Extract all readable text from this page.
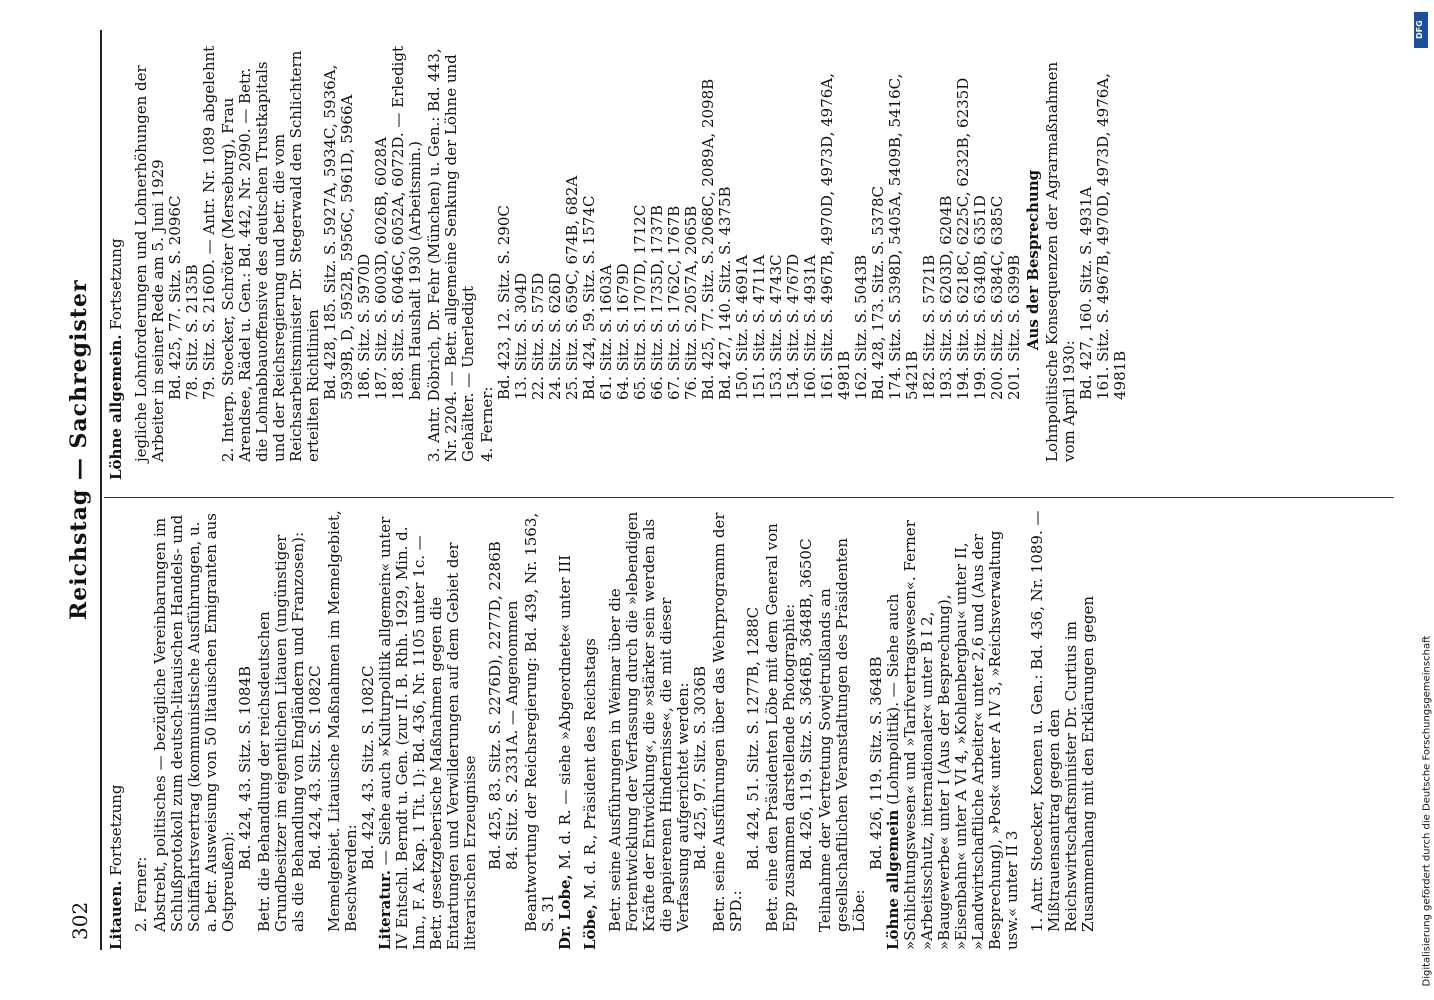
302
Reichstag — Sachregister
Litauen. Fortsetzung
2. Ferner: Abstrebt, politisches — bezügliche Vereinbarungen im Schlußprotokoll zum deutsch-litauischen Handels- und Schiffahrtsvertrag (kommunistische Ausführungen, u. a. betr. Ausweisung von 50 litauischen Emigranten aus Ostpreußen):
Bd. 424, 43. Sitz. S. 1084B Betr. die Behandlung der reichsdeutschen Grundbesitzer im eigentlichen Litauen (ungünstiger als die Behandlung von Engländern und Franzosen): Bd. 424, 43. Sitz. S. 1082C Memelgebiet. Litauische Maßnahmen im Memelgebiet, Beschwerden:
Bd. 424, 43. Sitz. S. 1082C
Literatur. — Siehe auch »Kulturpolitik allgemein« unter IV Entschl. Berndt u. Gen. (zur II. B. Rhh. 1929, Min. d. Inn., F. A. Kap. 1 Tit. 1): Bd. 436, Nr. 1105 unter 1c. — Betr. gesetzgeberische Maßnahmen gegen die Entartungen und Verwilderungen auf dem Gebiet der literarischen Erzeugnisse Bd. 425, 83. Sitz. S. 2276D), 2277D, 2286B 84. Sitz. S. 2331A. — Angenommen Beantwortung der Reichsregierung: Bd. 439, Nr. 1563, S. 31 Dr. Lobe, M. d. R. — siehe »Abgeordnete« unter III
Löbe, M. d. R., Präsident des Reichstags Betr. seine Ausführungen in Weimar über die Fortentwicklung der Verfassung durch die »lebendigen Kräfte der Entwicklung«, die »stärker sein werden als die papierenen Hindernisse«, die mit dieser Verfassung aufgerichtet werden: Bd. 425, 97. Sitz. S. 3036B Betr. seine Ausführungen über das Wehrprogramm der SPD.:
Bd. 424, 51. Sitz. S. 1277B, 1288C Betr. eine den Präsidenten Löbe mit dem General von Epp zusammen darstellende Photographie: Bd. 426, 119. Sitz. S. 3646B, 3648B, 3650C Teilnahme der Vertretung Sowjetrußlands an gesellschaftlichen Veranstaltungen des Präsidenten Löbe:
Bd. 426, 119. Sitz. S. 3648B
Löhne allgemein (Lohnpolitik). — Siehe auch »Schlichtungswesen« und »Tarifvertragswesen«. Ferner »Arbeitsschutz, internationaler« unter B I 2, »Baugewerbe« unter I (Aus der Besprechung), »Eisenbahn« unter A VI 4, »Kohlenbergbau« unter II, »Landwirtschaftliche Arbeiter« unter 2,6 und (Aus der Besprechung), »Post« unter A IV 3, »Reichsverwaltung usw.« unter II 3 1. Antr. Stoecker, Koenen u. Gen.: Bd. 436, Nr. 1089. — Mißtrauensantrag gegen den Reichswirtschaftsminister Dr. Curtius im Zusammenhang mit den Erklärungen gegen
Löhne allgemein. Fortsetzung jegliche Lohnforderungen und Lohnerhöhungen der Arbeiter in seiner Rede am 5. Juni 1929 Bd. 425, 77. Sitz. S. 2096C 78. Sitz. S. 2135B 79. Sitz. S. 2160D. — Antr. Nr. 1089 abgelehnt 2. Interp. Stoecker, Schröter (Merseburg), Frau Arendsee, Rädel u. Gen.: Bd. 442, Nr. 2090. — Betr. die Lohnabbauoffensive des deutschen Trustkapitals und der Reichsregierung und betr. die vom Reichsarbeitsminister Dr. Stegerwald den Schlichtern erteilten Richtlinien Bd. 428, 185. Sitz. S. 5927A, 5934C, 5936A, 5939B, D, 5952B, 5956C, 5961D, 5966A 186. Sitz. S. 5970D 187. Sitz. S. 6003D, 6026B, 6028A 188. Sitz. S. 6046C, 6052A, 6072D. — Erledigt beim Haushalt 1930 (Arbeitsmin.) 3. Antr. Döbrich, Dr. Fehr (München) u. Gen.: Bd. 443, Nr. 2204. — Betr. allgemeine Senkung der Löhne und Gehälter. — Unerledigt 4. Ferner:
Bd. 423, 12. Sitz. S. 290C 13. Sitz. S. 304D 22. Sitz. S. 575D 24. Sitz. S. 626D 25. Sitz. S. 659C, 674B, 682A Bd. 424, 59. Sitz. S. 1574C 61. Sitz. S. 1603A 64. Sitz. S. 1679D 65. Sitz. S. 1707D, 1712C 66. Sitz. S. 1735D, 1737B 67. Sitz. S. 1762C, 1767B 76. Sitz. S. 2057A, 2065B Bd. 425, 77. Sitz. S. 2068C, 2089A, 2098B Bd. 427, 140. Sitz. S. 4375B 150. Sitz. S. 4691A 151. Sitz. S. 4711A 153. Sitz. S. 4743C 154. Sitz. S. 4767D 160. Sitz. S. 4931A 161. Sitz. S. 4967B, 4970D, 4973D, 4976A, 4981B 162. Sitz. S. 5043B Bd. 428, 173. Sitz. S. 5378C 174. Sitz. S. 5398D, 5405A, 5409B, 5416C, 5421B 182. Sitz. S. 5721B 193. Sitz. S. 6203D, 6204B 194. Sitz. S. 6218C, 6225C, 6232B, 6235D 199. Sitz. S. 6340B, 6351D 200. Sitz. S. 6384C, 6385C 201. Sitz. S. 6399B Aus der Besprechung Lohnpolitische Konsequenzen der Agrarmaßnahmen vom April 1930:
Bd. 427, 160. Sitz. S. 4931A 161. Sitz. S. 4967B, 4970D, 4973D, 4976A, 4981B
DFG
Digitalisierung gefördert durch die Deutsche Forschungsgemeinschaft
